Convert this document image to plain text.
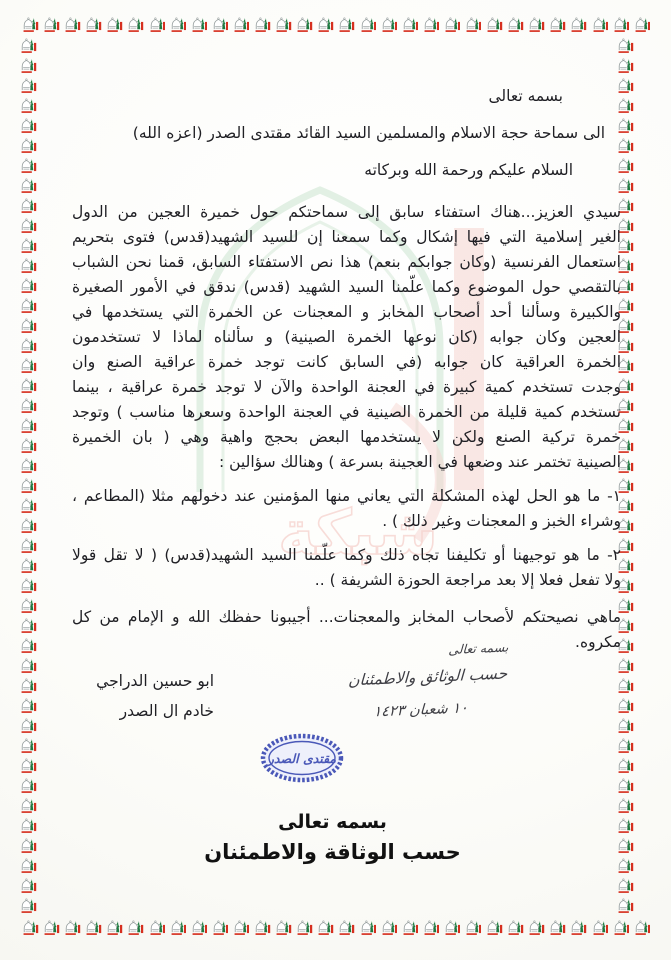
شبكة
بسمه تعالى
الى سماحة حجة الاسلام والمسلمين السيد القائد مقتدى الصدر (اعزه الله)
السلام عليكم ورحمة الله وبركاته
سيدي العزيز...هناك استفتاء سابق إلى سماحتكم حول خميرة العجين من الدول
الغير إسلامية التي فيها إشكال وكما سمعنا إن للسيد الشهيد(قدس) فتوى بتحريم
استعمال الفرنسية (وكان جوابكم بنعم) هذا نص الاستفتاء السابق، قمنا نحن الشباب
بالتقصي حول الموضوع وكما علّمنا السيد الشهيد (قدس) ندقق في الأمور الصغيرة
والكبيرة وسألنا أحد أصحاب المخابز و المعجنات عن الخمرة التي يستخدمها في
العجين وكان جوابه (كان نوعها الخمرة الصينية) و سألناه لماذا لا تستخدمون
الخمرة العراقية كان جوابه (في السابق كانت توجد خمرة عراقية الصنع وان
وجدت تستخدم كمية كبيرة في العجنة الواحدة والآن لا توجد خمرة عراقية ، بينما
تستخدم كمية قليلة من الخمرة الصينية في العجنة الواحدة وسعرها مناسب ) وتوجد
خمرة تركية الصنع ولكن لا يستخدمها البعض بحجج واهية وهي ( بان الخميرة
الصينية تختمر عند وضعها في العجينة بسرعة ) وهنالك سؤالين :
١- ما هو الحل لهذه المشكلة التي يعاني منها المؤمنين عند دخولهم مثلا (المطاعم ،
وشراء الخبز و المعجنات وغير ذلك ) .
٢- ما هو توجيهنا أو تكليفنا تجاه ذلك وكما علّمنا السيد الشهيد(قدس) ( لا تقل قولا
ولا تفعل فعلا إلا بعد مراجعة الحوزة الشريفة ) ..
ماهي نصيحتكم لأصحاب المخابز والمعجنات... أجيبونا حفظك الله و الإمام من كل
مكروه.
بسمه تعالى
حسب الوثائق والاطمئنان
١٠ شعبان ١٤٢٣
ابو حسين الدراجي
خادم ال الصدر
مقتدى الصدر
بسمه تعالى
حسب الوثاقة والاطمئنان
